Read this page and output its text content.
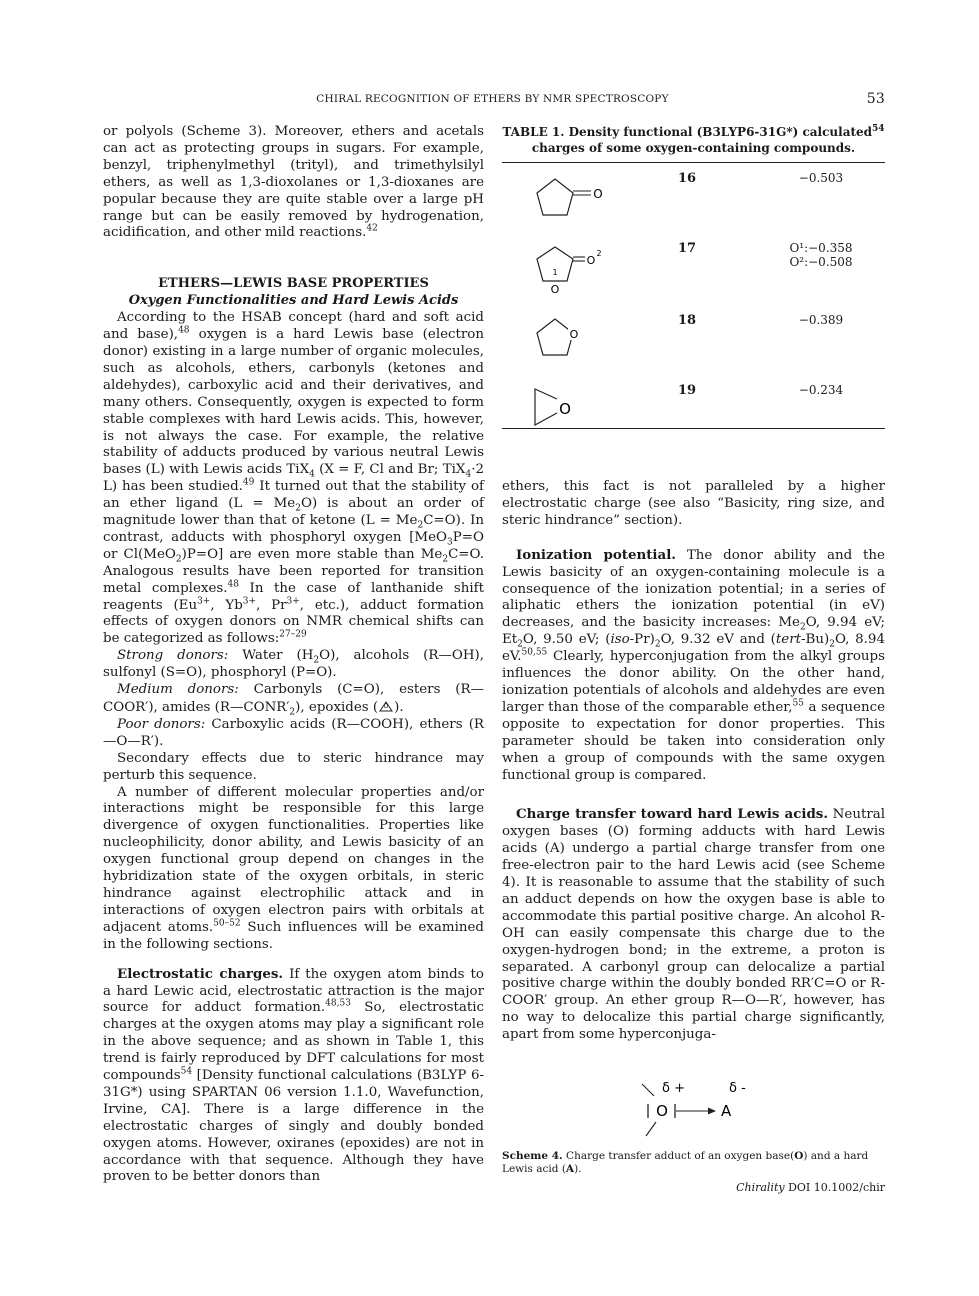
CHIRAL RECOGNITION OF ETHERS BY NMR SPECTROSCOPY	53

or polyols (Scheme 3). Moreover, ethers and acetals can act as protecting groups in sugars. For example, benzyl, triphenylmethyl (trityl), and trimethylsilyl ethers, as well as 1,3-dioxolanes or 1,3-dioxanes are popular because they are quite stable over a large pH range but can be easily removed by hydrogenation, acidification, and other mild reactions.$^{42}$

ETHERS—LEWIS BASE PROPERTIES

Oxygen Functionalities and Hard Lewis Acids

According to the HSAB concept (hard and soft acid and base),$^{48}$ oxygen is a hard Lewis base (electron donor) existing in a large number of organic molecules, such as alcohols, ethers, carbonyls (ketones and aldehydes), carboxylic acid and their derivatives, and many others. Consequently, oxygen is expected to form stable complexes with hard Lewis acids. This, however, is not always the case. For example, the relative stability of adducts produced by various neutral Lewis bases (L) with Lewis acids TiX$_4$ (X = F, Cl and Br; TiX$_4$·2 L) has been studied.$^{49}$ It turned out that the stability of an ether ligand $(L = Me_2O)$ is about an order of magnitude lower than that of ketone $(L = Me_2C=O)$. In contrast, adducts with phosphoryl oxygen [MeO$_3$P=O or Cl(MeO$_2$)P=O] are even more stable than $Me_2C=O$. Analogous results have been reported for transition metal complexes.$^{48}$ In the case of lanthanide shift reagents ($Eu^{3+}$, $Yb^{3+}$, $Pr^{3+}$, etc.), adduct formation effects of oxygen donors on NMR chemical shifts can be categorized as follows:$^{27-29}$

Strong donors: Water $(H_2O)$, alcohols (R—OH), sulfonyl (S=O), phosphoryl (P=O).

Medium donors: Carbonyls (C=O), esters (R—COOR′), amides $(R—CONR'_2)$, epoxides ( O ).

Poor donors: Carboxylic acids (R—COOH), ethers (R—O—R′).

Secondary effects due to steric hindrance may perturb this sequence.

A number of different molecular properties and/or interactions might be responsible for this large divergence of oxygen functionalities. Properties like nucleophilicity, donor ability, and Lewis basicity of an oxygen functional group depend on changes in the hybridization state of the oxygen orbitals, in steric hindrance against electrophilic attack and in interactions of oxygen electron pairs with orbitals at adjacent atoms.$^{50-52}$ Such influences will be examined in the following sections.

Electrostatic charges. If the oxygen atom binds to a hard Lewic acid, electrostatic attraction is the major source for adduct formation.$^{48,53}$ So, electrostatic charges at the oxygen atoms may play a significant role in the above sequence; and as shown in Table 1, this trend is fairly reproduced by DFT calculations for most compounds$^{54}$ [Density functional calculations (B3LYP 6-31G*) using SPARTAN 06 version 1.1.0, Wavefunction, Irvine, CA]. There is a large difference in the electrostatic charges of singly and doubly bonded oxygen atoms. However, oxiranes (epoxides) are not in accordance with that sequence. Although they have proven to be better donors than

TABLE 1. Density functional (B3LYP6-31G*) calculated$^{54}$
charges of some oxygen-containing compounds.
O
16	−0.503
O
2
1
O
17	O¹:−0.358
O²:−0.508
O
18	−0.389
O
19	−0.234

ethers, this fact is not paralleled by a higher electrostatic charge (see also “Basicity, ring size, and steric hindrance” section).

Ionization potential. The donor ability and the Lewis basicity of an oxygen-containing molecule is a consequence of the ionization potential; in a series of aliphatic ethers the ionization potential (in eV) decreases, and the basicity increases: $Me_2O$, 9.94 eV; $Et_2O$, 9.50 eV; $(iso-Pr)_2O$, 9.32 eV and $(tert-Bu)_2O$, 8.94 eV.$^{50,55}$ Clearly, hyperconjugation from the alkyl groups influences the donor ability. On the other hand, ionization potentials of alcohols and aldehydes are even larger than those of the comparable ether,$^{55}$ a sequence opposite to expectation for donor properties. This parameter should be taken into consideration only when a group of compounds with the same oxygen functional group is compared.

Charge transfer toward hard Lewis acids. Neutral oxygen bases (O) forming adducts with hard Lewis acids (A) undergo a partial charge transfer from one free-electron pair to the hard Lewis acid (see Scheme 4). It is reasonable to assume that the stability of such an adduct depends on how the oxygen base is able to accommodate this partial positive charge. An alcohol R-OH can easily compensate this charge due to the oxygen-hydrogen bond; in the extreme, a proton is separated. A carbonyl group can delocalize a partial positive charge within the doubly bonded RR′C=O or R-COOR′ group. An ether group R—O—R′, however, has no way to delocalize this partial charge significantly, apart from some hyperconjuga-

δ +	δ -
O	A
Scheme 4. Charge transfer adduct of an oxygen base(O) and a hard Lewis acid (A).
Chirality DOI 10.1002/chir
